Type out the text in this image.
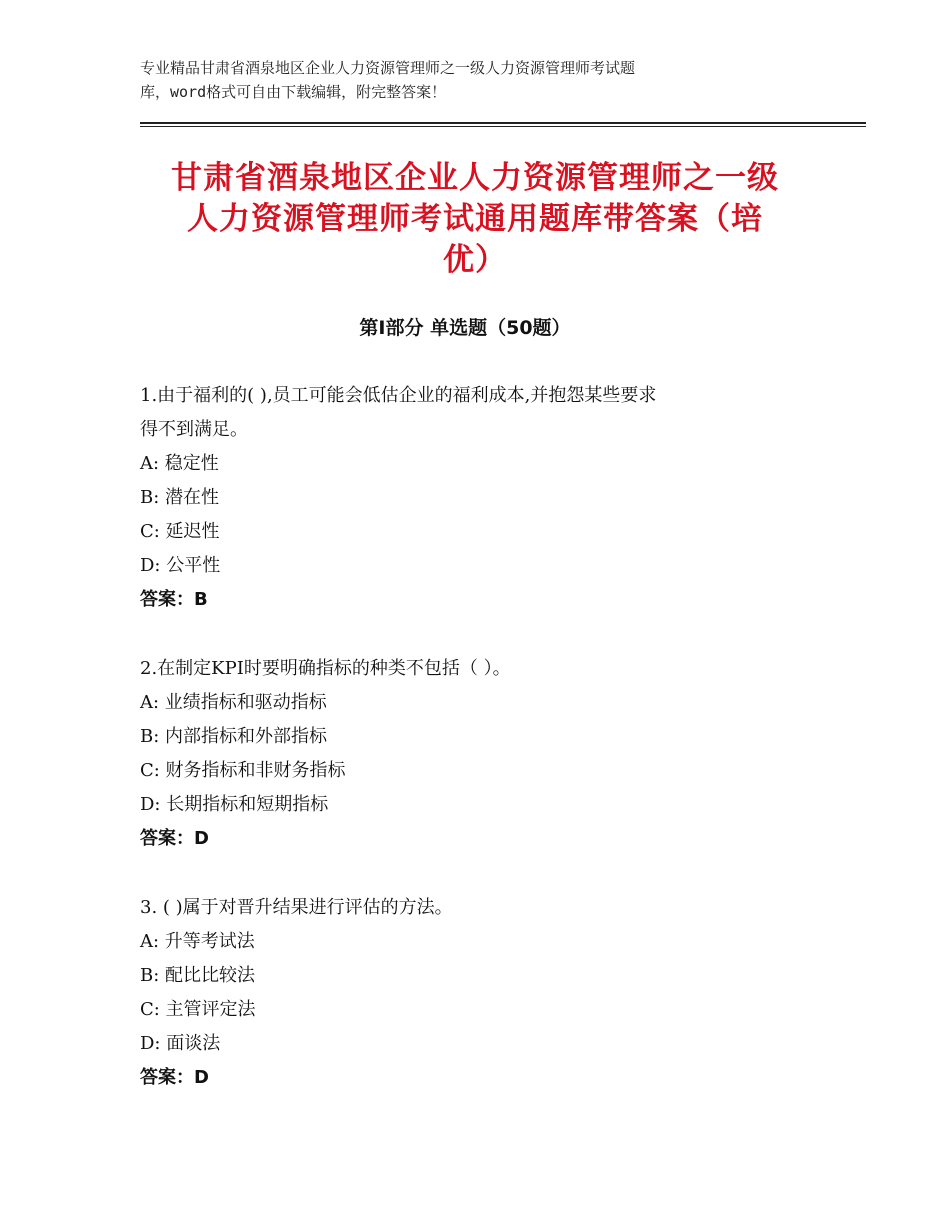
专业精品甘肃省酒泉地区企业人力资源管理师之一级人力资源管理师考试题
库，word格式可自由下载编辑，附完整答案！
甘肃省酒泉地区企业人力资源管理师之一级
人力资源管理师考试通用题库带答案（培
优）
第Ⅰ部分 单选题（50题）
1.由于福利的( ),员工可能会低估企业的福利成本,并抱怨某些要求
得不到满足。
A: 稳定性
B: 潜在性
C: 延迟性
D: 公平性
答案：B
2.在制定KPI时要明确指标的种类不包括（ ）。
A: 业绩指标和驱动指标
B: 内部指标和外部指标
C: 财务指标和非财务指标
D: 长期指标和短期指标
答案：D
3. ( )属于对晋升结果进行评估的方法。
A: 升等考试法
B: 配比比较法
C: 主管评定法
D: 面谈法
答案：D
